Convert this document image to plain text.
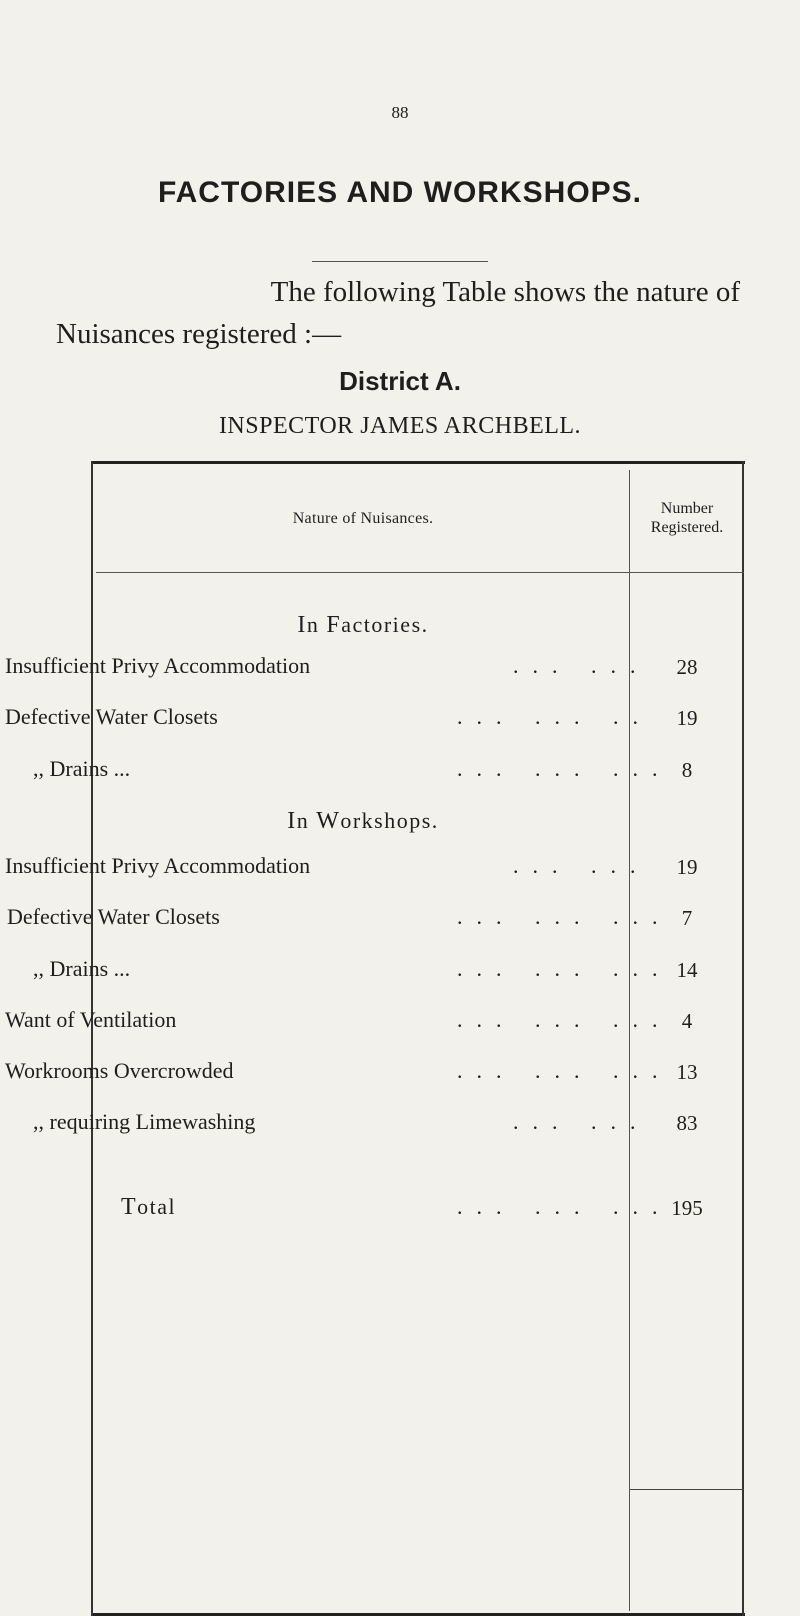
88
FACTORIES AND WORKSHOPS.
The following Table shows the nature of
Nuisances registered :—
District A.
INSPECTOR JAMES ARCHBELL.
Nature of Nuisances.
Number
Registered.
In Factories.
Insufficient Privy Accommodation	... ...	28
Defective Water Closets	... ... ..	19
,, Drains ...	... ... ... 8
In Workshops.
Insufficient Privy Accommodation	... ...	19
Defective Water Closets	... ... ... 7
,, Drains ...	... ... ... 14
Want of Ventilation	... ... ... 4
Workrooms Overcrowded	... ... ... 13
,, requiring Limewashing	... ...	83
Total	... ... ... 195
